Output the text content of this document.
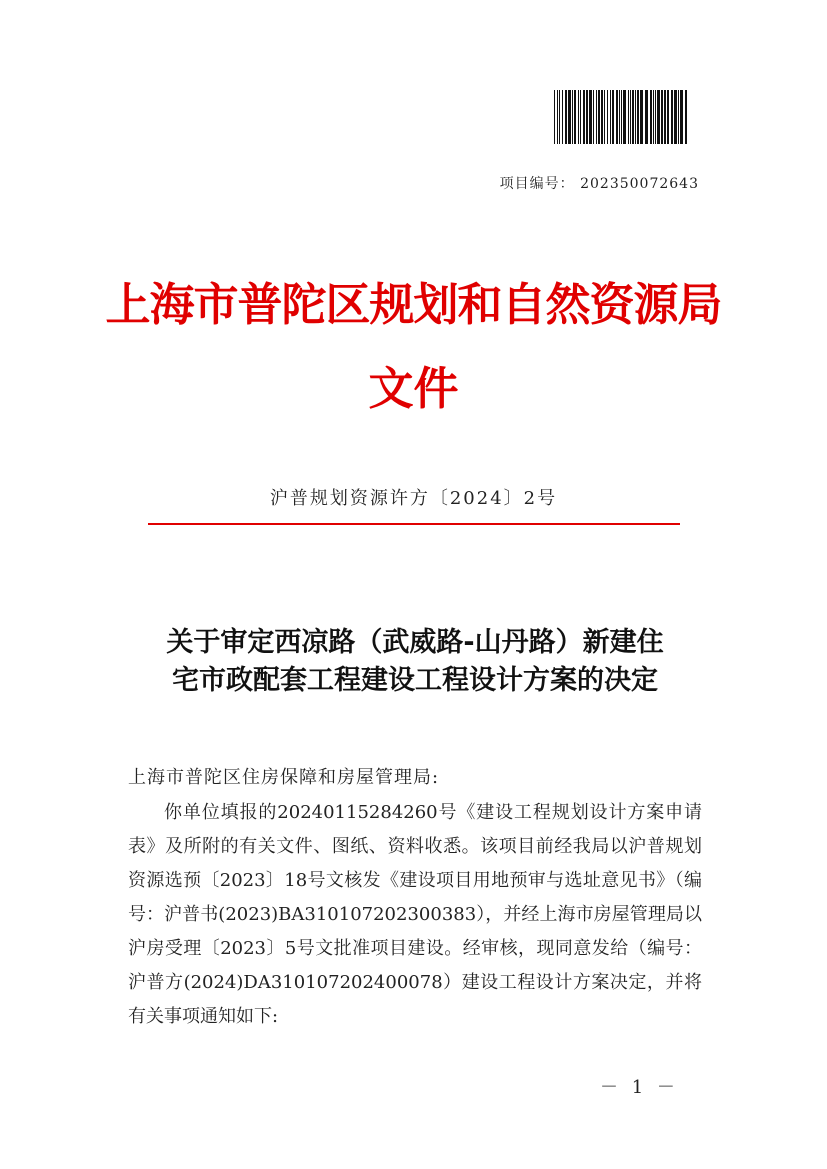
项目编号： 202350072643
上海市普陀区规划和自然资源局
文件
沪普规划资源许方〔2024〕2号
关于审定西凉路（武威路-山丹路）新建住
宅市政配套工程建设工程设计方案的决定
上海市普陀区住房保障和房屋管理局:

你单位填报的20240115284260号《建设工程规划设计方案申请表》及所附的有关文件、图纸、资料收悉。该项目前经我局以沪普规划资源选预〔2023〕18号文核发《建设项目用地预审与选址意见书》（编号：沪普书(2023)BA310107202300383），并经上海市房屋管理局以沪房受理〔2023〕5号文批准项目建设。经审核，现同意发给（编号：沪普方(2024)DA310107202400078）建设工程设计方案决定，并将有关事项通知如下:

－ 1 －
